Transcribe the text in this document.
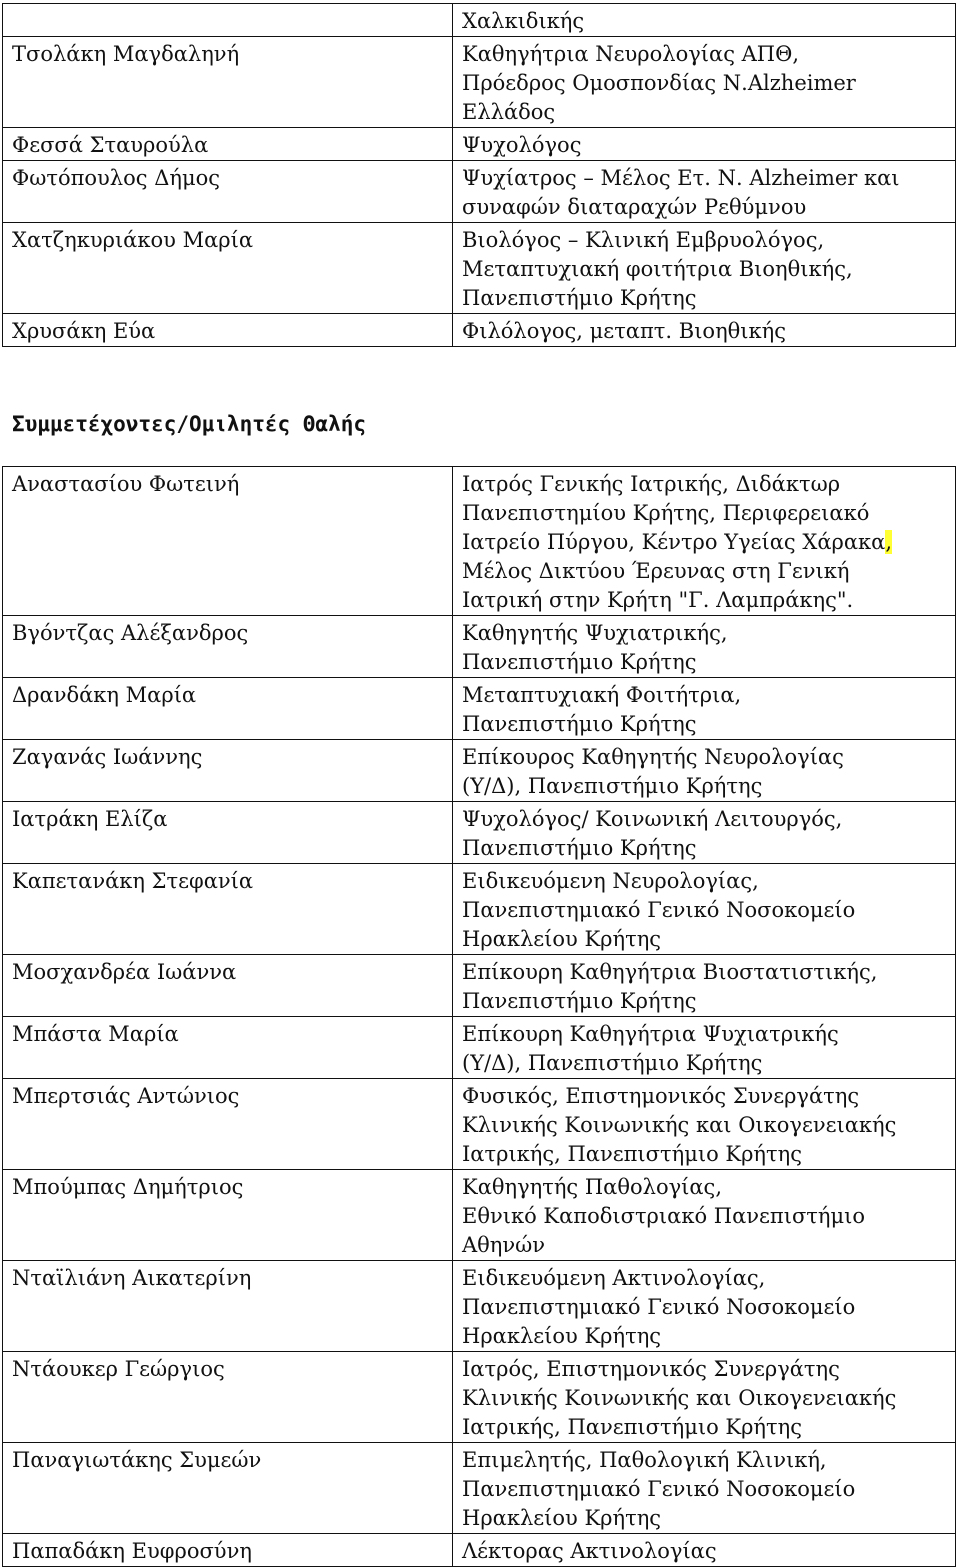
	Χαλκιδικής
Τσολάκη Μαγδαληνή	Καθηγήτρια Νευρολογίας ΑΠΘ,
Πρόεδρος Ομοσπονδίας Ν.Alzheimer
Ελλάδος
Φεσσά Σταυρούλα	Ψυχολόγος
Φωτόπουλος Δήμος	Ψυχίατρος – Μέλος Ετ. Ν. Alzheimer και
συναφών διαταραχών Ρεθύμνου
Χατζηκυριάκου Μαρία	Βιολόγος – Κλινική Εμβρυολόγος,
Μεταπτυχιακή φοιτήτρια Βιοηθικής,
Πανεπιστήμιο Κρήτης
Χρυσάκη Εύα	Φιλόλογος, μεταπτ. Βιοηθικής
Συμμετέχοντες/Ομιλητές Θαλής
Αναστασίου Φωτεινή	Ιατρός Γενικής Ιατρικής, Διδάκτωρ
Πανεπιστημίου Κρήτης, Περιφερειακό
Ιατρείο Πύργου, Κέντρο Υγείας Χάρακα,
Μέλος Δικτύου Έρευνας στη Γενική
Ιατρική στην Κρήτη "Γ. Λαμπράκης".
Βγόντζας Αλέξανδρος	Καθηγητής Ψυχιατρικής,
Πανεπιστήμιο Κρήτης
Δρανδάκη Μαρία	Μεταπτυχιακή Φοιτήτρια,
Πανεπιστήμιο Κρήτης
Ζαγανάς Ιωάννης	Επίκουρος Καθηγητής Νευρολογίας
(Υ/Δ), Πανεπιστήμιο Κρήτης
Ιατράκη Ελίζα	Ψυχολόγος/ Κοινωνική Λειτουργός,
Πανεπιστήμιο Κρήτης
Καπετανάκη Στεφανία	Ειδικευόμενη Νευρολογίας,
Πανεπιστημιακό Γενικό Νοσοκομείο
Ηρακλείου Κρήτης
Μοσχανδρέα Ιωάννα	Επίκουρη Καθηγήτρια Βιοστατιστικής,
Πανεπιστήμιο Κρήτης
Μπάστα Μαρία	Επίκουρη Καθηγήτρια Ψυχιατρικής
(Υ/Δ), Πανεπιστήμιο Κρήτης
Μπερτσιάς Αντώνιος	Φυσικός, Επιστημονικός Συνεργάτης
Κλινικής Κοινωνικής και Οικογενειακής
Ιατρικής, Πανεπιστήμιο Κρήτης
Μπούμπας Δημήτριος	Καθηγητής Παθολογίας,
Εθνικό Καποδιστριακό Πανεπιστήμιο
Αθηνών
Νταϊλιάνη Αικατερίνη	Ειδικευόμενη Ακτινολογίας,
Πανεπιστημιακό Γενικό Νοσοκομείο
Ηρακλείου Κρήτης
Ντάουκερ Γεώργιος	Ιατρός, Επιστημονικός Συνεργάτης
Κλινικής Κοινωνικής και Οικογενειακής
Ιατρικής, Πανεπιστήμιο Κρήτης
Παναγιωτάκης Συμεών	Επιμελητής, Παθολογική Κλινική,
Πανεπιστημιακό Γενικό Νοσοκομείο
Ηρακλείου Κρήτης
Παπαδάκη Ευφροσύνη	Λέκτορας Ακτινολογίας
